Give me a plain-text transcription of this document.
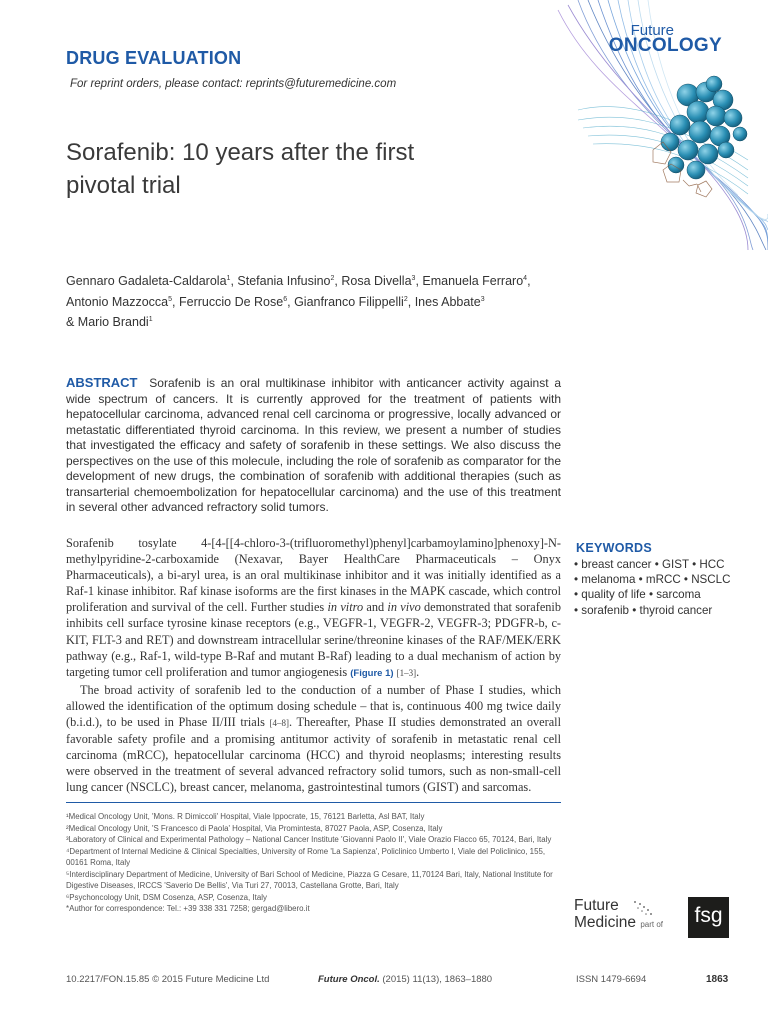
DRUG EVALUATION
For reprint orders, please contact: reprints@futuremedicine.com
Future
ONCOLOGY
Sorafenib: 10 years after the first pivotal trial
Gennaro Gadaleta-Caldarola$^1$, Stefania Infusino$^2$, Rosa Divella$^3$, Emanuela Ferraro$^4$,
Antonio Mazzocca$^5$, Ferruccio De Rose$^6$, Gianfranco Filippelli$^2$, Ines Abbate$^3$
& Mario Brandi$^1$
ABSTRACT Sorafenib is an oral multikinase inhibitor with anticancer activity against a wide spectrum of cancers. It is currently approved for the treatment of patients with hepatocellular carcinoma, advanced renal cell carcinoma or progressive, locally advanced or metastatic differentiated thyroid carcinoma. In this review, we present a number of studies that investigated the efficacy and safety of sorafenib in these settings. We also discuss the perspectives on the use of this molecule, including the role of sorafenib as comparator for the development of new drugs, the combination of sorafenib with additional therapies (such as transarterial chemoembolization for hepatocellular carcinoma) and the use of this treatment in several other advanced refractory solid tumors.

Sorafenib tosylate 4-[4-[[4-chloro-3-(trifluoromethyl)phenyl]carbamoylamino]phenoxy]-N-methylpyridine-2-carboxamide (Nexavar, Bayer HealthCare Pharmaceuticals – Onyx Pharmaceuticals), a bi-aryl urea, is an oral multikinase inhibitor and it was initially identified as a Raf-1 kinase inhibitor. Raf kinase isoforms are the first kinases in the MAPK cascade, which control proliferation and survival of the cell. Further studies in vitro and in vivo demonstrated that sorafenib inhibits cell surface tyrosine kinase receptors (e.g., VEGFR-1, VEGFR-2, VEGFR-3; PDGFR-b, c-KIT, FLT-3 and RET) and downstream intracellular serine/threonine kinases of the RAF/MEK/ERK pathway (e.g., Raf-1, wild-type B-Raf and mutant B-Raf) leading to a dual mechanism of action by targeting tumor cell proliferation and tumor angiogenesis (Figure 1) [1–3].

The broad activity of sorafenib led to the conduction of a number of Phase I studies, which allowed the identification of the optimum dosing schedule – that is, continuous 400 mg twice daily (b.i.d.), to be used in Phase II/III trials [4–8]. Thereafter, Phase II studies demonstrated an overall favorable safety profile and a promising antitumor activity of sorafenib in metastatic renal cell carcinoma (mRCC), hepatocellular carcinoma (HCC) and thyroid neoplasms; interesting results were observed in the treatment of several advanced refractory solid tumors, such as non-small-cell lung cancer (NSCLC), breast cancer, melanoma, gastrointestinal tumors (GIST) and sarcomas.

KEYWORDS
• breast cancer • GIST • HCC
• melanoma • mRCC • NSCLC
• quality of life • sarcoma
• sorafenib • thyroid cancer
¹Medical Oncology Unit, 'Mons. R Dimiccoli' Hospital, Viale Ippocrate, 15, 76121 Barletta, Asl BAT, Italy
²Medical Oncology Unit, 'S Francesco di Paola' Hospital, Via Promintesta, 87027 Paola, ASP, Cosenza, Italy
³Laboratory of Clinical and Experimental Pathology – National Cancer Institute 'Giovanni Paolo II', Viale Orazio Flacco 65, 70124, Bari, Italy
⁴Department of Internal Medicine & Clinical Specialties, University of Rome 'La Sapienza', Policlinico Umberto I, Viale del Policlinico, 155, 00161 Roma, Italy
⁵Interdisciplinary Department of Medicine, University of Bari School of Medicine, Piazza G Cesare, 11,70124 Bari, Italy, National Institute for Digestive Diseases, IRCCS 'Saverio De Bellis', Via Turi 27, 70013, Castellana Grotte, Bari, Italy
⁶Psychoncology Unit, DSM Cosenza, ASP, Cosenza, Italy
*Author for correspondence: Tel.: +39 338 331 7258; gergad@libero.it	Future
Medicine part of	fsg
10.2217/FON.15.85 © 2015 Future Medicine Ltd	Future Oncol. (2015) 11(13), 1863–1880	ISSN 1479-6694	1863
